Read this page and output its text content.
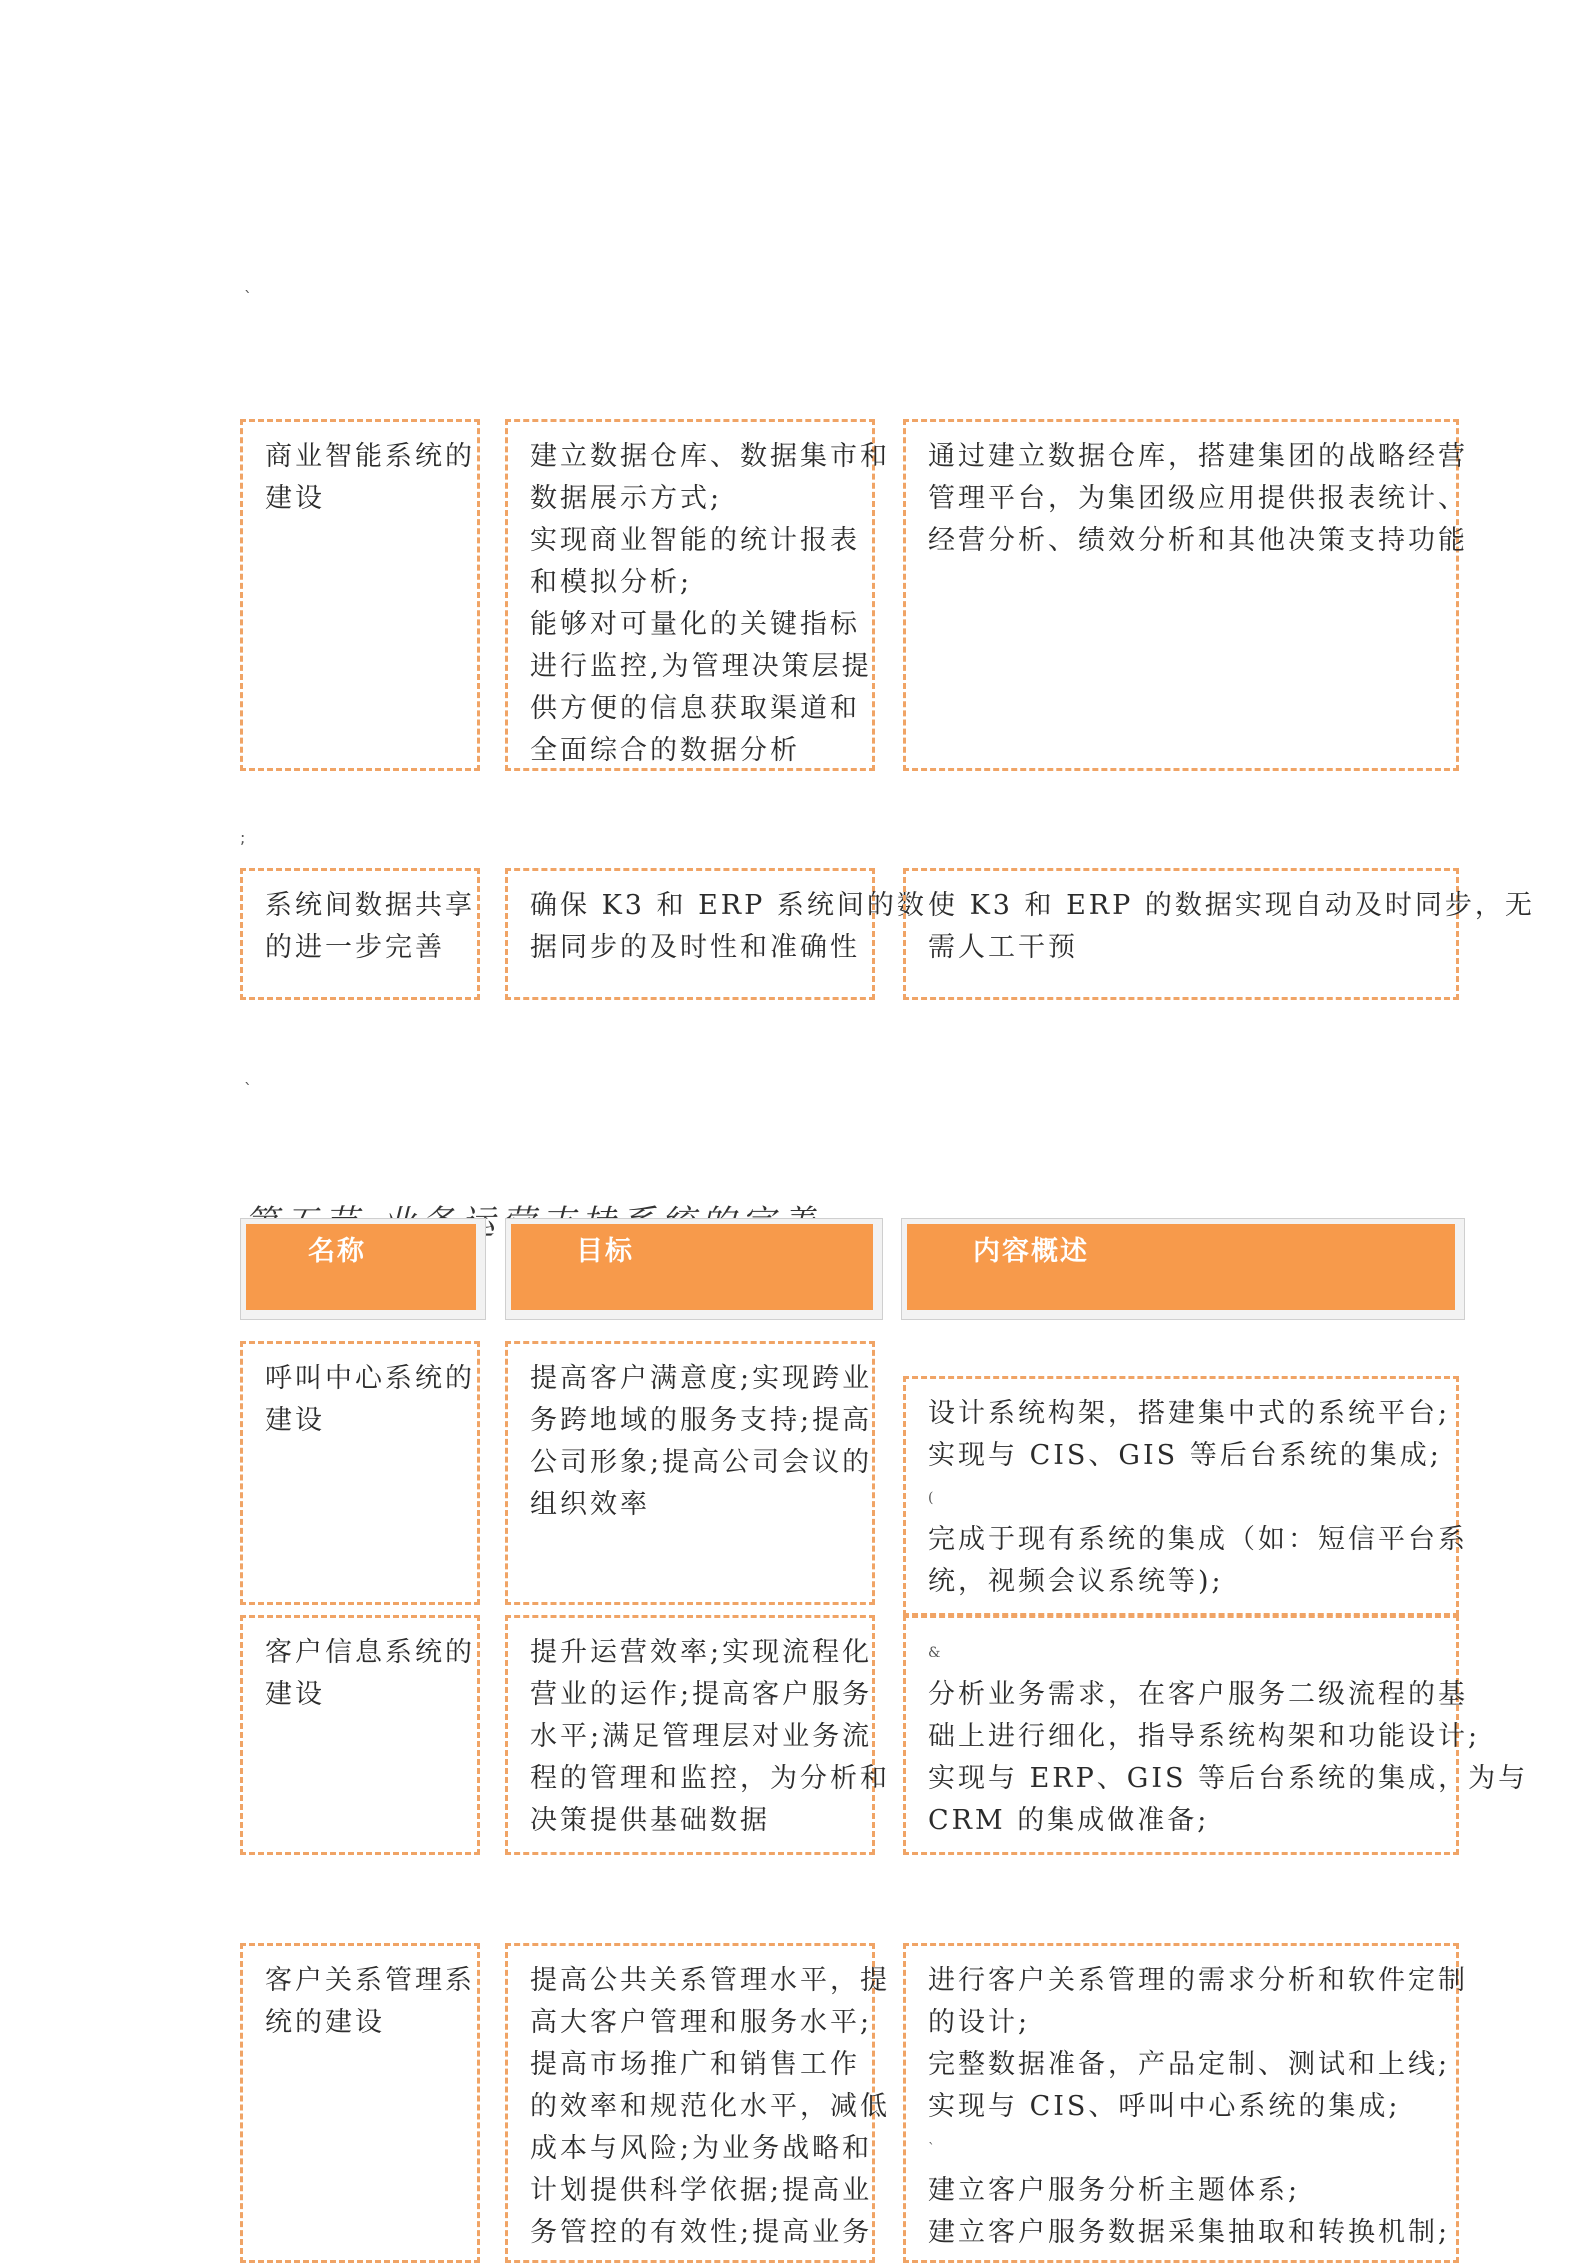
`
;
`
商业智能系统的
建设
建立数据仓库、数据集市和
数据展示方式;
实现商业智能的统计报表
和模拟分析;
能够对可量化的关键指标
进行监控,为管理决策层提
供方便的信息获取渠道和
全面综合的数据分析
通过建立数据仓库，搭建集团的战略经营
管理平台，为集团级应用提供报表统计、
经营分析、绩效分析和其他决策支持功能
系统间数据共享
的进一步完善
确保 K3 和 ERP 系统间的数
据同步的及时性和准确性
使 K3 和 ERP 的数据实现自动及时同步，无
需人工干预
名称	目标	内容概述
呼叫中心系统的
建设
提高客户满意度;实现跨业
务跨地域的服务支持;提高
公司形象;提高公司会议的
组织效率
设计系统构架，搭建集中式的系统平台;
实现与 CIS、GIS 等后台系统的集成;
(
完成于现有系统的集成（如：短信平台系
统，视频会议系统等);
客户信息系统的
建设
提升运营效率;实现流程化
营业的运作;提高客户服务
水平;满足管理层对业务流
程的管理和监控，为分析和
决策提供基础数据
&
分析业务需求，在客户服务二级流程的基
础上进行细化，指导系统构架和功能设计;
实现与 ERP、GIS 等后台系统的集成，为与
CRM 的集成做准备;
客户关系管理系
统的建设
提高公共关系管理水平，提
高大客户管理和服务水平;
提高市场推广和销售工作
的效率和规范化水平，减低
成本与风险;为业务战略和
计划提供科学依据;提高业
务管控的有效性;提高业务
进行客户关系管理的需求分析和软件定制
的设计;
完整数据准备，产品定制、测试和上线;
实现与 CIS、呼叫中心系统的集成;
`
建立客户服务分析主题体系;
建立客户服务数据采集抽取和转换机制;
